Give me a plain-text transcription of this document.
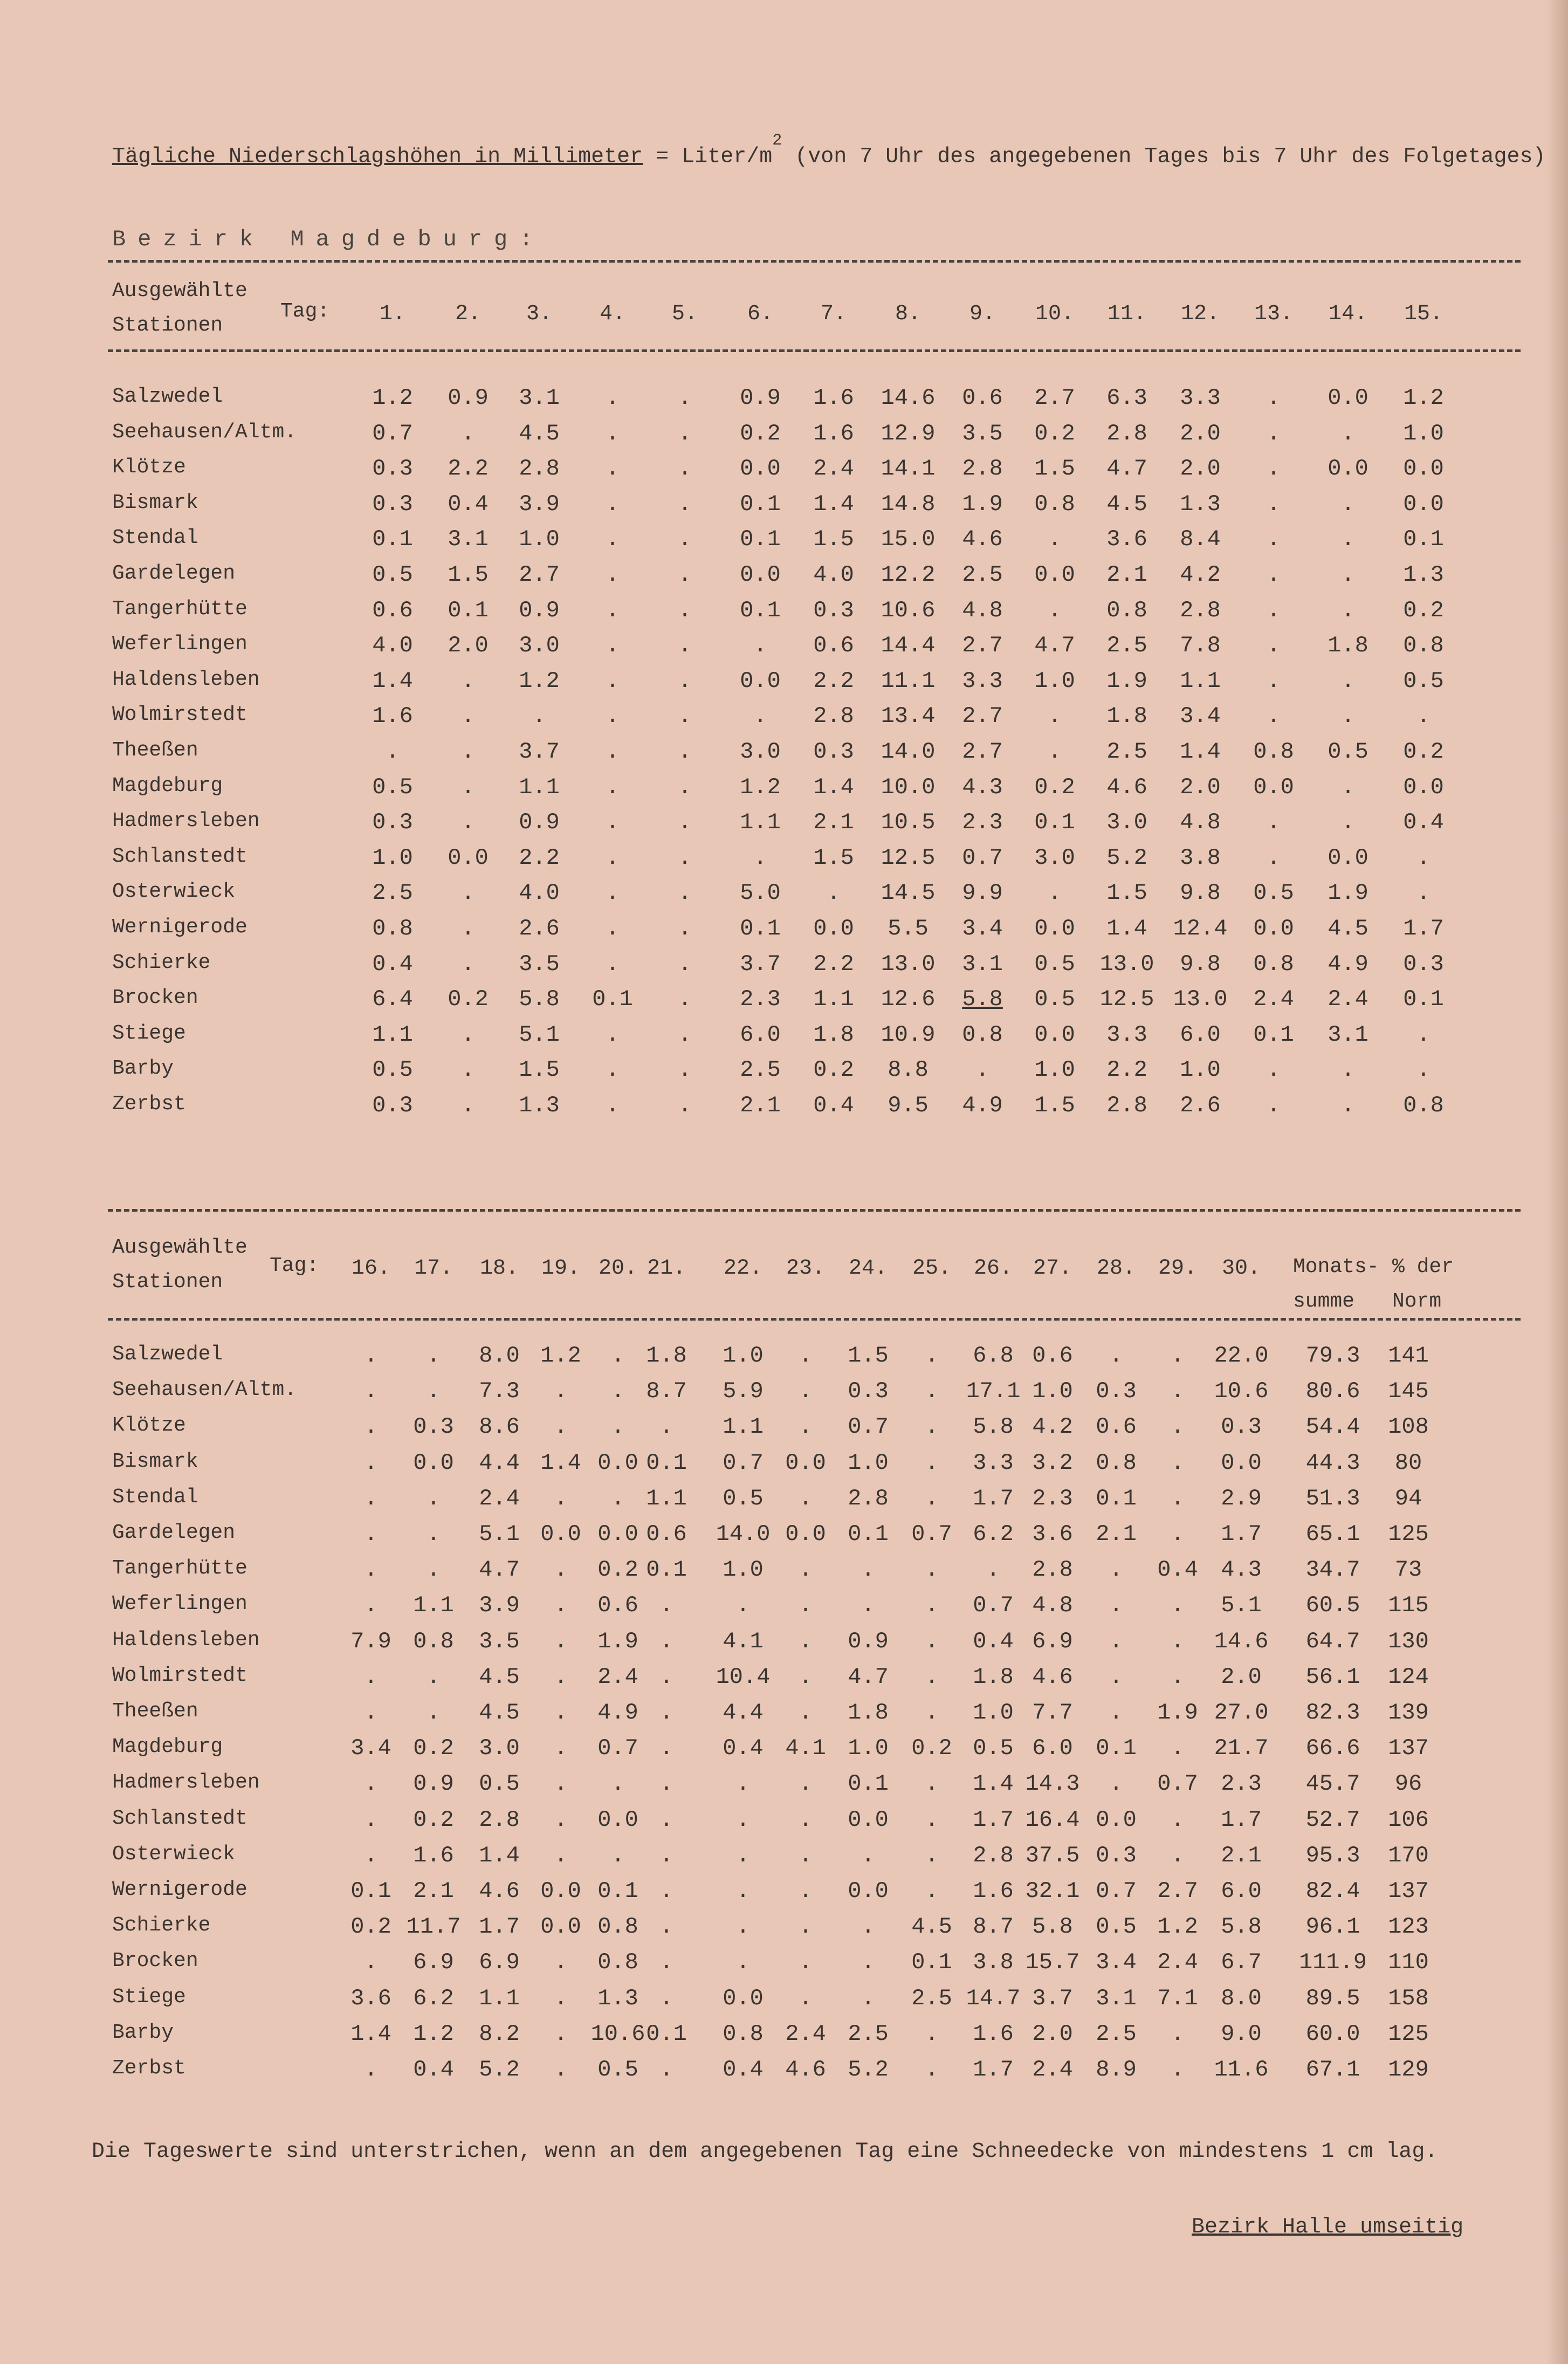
Tägliche Niederschlagshöhen in Millimeter = Liter/$m^2$ (von 7 Uhr des angegebenen Tages bis 7 Uhr des Folgetages)
Bezirk Magdeburg:
Ausgewählte
Stationen
Tag:	1.	2.	3.	4.	5.	6.	7.	8.	9.	10.	11.	12.	13.	14.	15.
Salzwedel	1.2	0.9	3.1	.	.	0.9	1.6	14.6	0.6	2.7	6.3	3.3	.	0.0	1.2
Seehausen/Altm.	0.7	.	4.5	.	.	0.2	1.6	12.9	3.5	0.2	2.8	2.0	.	.	1.0
Klötze	0.3	2.2	2.8	.	.	0.0	2.4	14.1	2.8	1.5	4.7	2.0	.	0.0	0.0
Bismark	0.3	0.4	3.9	.	.	0.1	1.4	14.8	1.9	0.8	4.5	1.3	.	.	0.0
Stendal	0.1	3.1	1.0	.	.	0.1	1.5	15.0	4.6	.	3.6	8.4	.	.	0.1
Gardelegen	0.5	1.5	2.7	.	.	0.0	4.0	12.2	2.5	0.0	2.1	4.2	.	.	1.3
Tangerhütte	0.6	0.1	0.9	.	.	0.1	0.3	10.6	4.8	.	0.8	2.8	.	.	0.2
Weferlingen	4.0	2.0	3.0	.	.	.	0.6	14.4	2.7	4.7	2.5	7.8	.	1.8	0.8
Haldensleben	1.4	.	1.2	.	.	0.0	2.2	11.1	3.3	1.0	1.9	1.1	.	.	0.5
Wolmirstedt	1.6	.	.	.	.	.	2.8	13.4	2.7	.	1.8	3.4	.	.	.
Theeßen	.	.	3.7	.	.	3.0	0.3	14.0	2.7	.	2.5	1.4	0.8	0.5	0.2
Magdeburg	0.5	.	1.1	.	.	1.2	1.4	10.0	4.3	0.2	4.6	2.0	0.0	.	0.0
Hadmersleben	0.3	.	0.9	.	.	1.1	2.1	10.5	2.3	0.1	3.0	4.8	.	.	0.4
Schlanstedt	1.0	0.0	2.2	.	.	.	1.5	12.5	0.7	3.0	5.2	3.8	.	0.0	.
Osterwieck	2.5	.	4.0	.	.	5.0	.	14.5	9.9	.	1.5	9.8	0.5	1.9	.
Wernigerode	0.8	.	2.6	.	.	0.1	0.0	5.5	3.4	0.0	1.4	12.4	0.0	4.5	1.7
Schierke	0.4	.	3.5	.	.	3.7	2.2	13.0	3.1	0.5	13.0	9.8	0.8	4.9	0.3
Brocken	6.4	0.2	5.8	0.1	.	2.3	1.1	12.6	5.8	0.5	12.5 13.0	2.4	2.4	0.1
Stiege	1.1	.	5.1	.	.	6.0	1.8	10.9	0.8	0.0	3.3	6.0	0.1	3.1	.
Barby	0.5	.	1.5	.	.	2.5	0.2	8.8	.	1.0	2.2	1.0	.	.	.
Zerbst	0.3	.	1.3	.	.	2.1	0.4	9.5	4.9	1.5	2.8	2.6	.	.	0.8
Ausgewählte
Stationen
Tag:	16.	17.	18.	19. 20. 21.	22.	23.	24.	25.	26. 27.	28.	29.	30.	Monats-
summe
% der
Norm
Salzwedel	.	.	8.0 1.2	. 1.8	1.0	.	1.5	.	6.8 0.6	.	.	22.0	79.3	141
Seehausen/Altm.	.	.	7.3	.	. 8.7	5.9	.	0.3	.	17.1 1.0	0.3	.	10.6	80.6	145
Klötze	.	0.3	8.6	.	.	.	1.1	.	0.7	.	5.8 4.2	0.6	.	0.3	54.4	108
Bismark	.	0.0	4.4 1.4 0.0 0.1	0.7 0.0 1.0	.	3.3 3.2	0.8	.	0.0	44.3	80
Stendal	.	.	2.4	.	. 1.1	0.5	.	2.8	.	1.7 2.3	0.1	.	2.9	51.3	94
Gardelegen	.	.	5.1 0.0 0.0 0.6	14.0 0.0 0.1	0.7 6.2 3.6	2.1	.	1.7	65.1	125
Tangerhütte	.	.	4.7	.	0.2 0.1	1.0	.	.	.	.	2.8	.	0.4	4.3	34.7	73
Weferlingen	.	1.1	3.9	.	0.6 .	.	.	.	.	0.7 4.8	.	.	5.1	60.5	115
Haldensleben	7.9 0.8	3.5	.	1.9 .	4.1	.	0.9	.	0.4 6.9	.	.	14.6	64.7	130
Wolmirstedt	.	.	4.5	.	2.4 .	10.4	.	4.7	.	1.8 4.6	.	.	2.0	56.1	124
Theeßen	.	.	4.5	.	4.9 .	4.4	.	1.8	.	1.0 7.7	.	1.9 27.0	82.3	139
Magdeburg	3.4 0.2	3.0	.	0.7 .	0.4 4.1 1.0	0.2 0.5 6.0	0.1	.	21.7	66.6	137
Hadmersleben	.	0.9	0.5	.	.	.	.	.	0.1	.	1.4 14.3	.	0.7	2.3	45.7	96
Schlanstedt	.	0.2	2.8	.	0.0 .	.	.	0.0	.	1.7 16.4 0.0	.	1.7	52.7	106
Osterwieck	.	1.6	1.4	.	.	.	.	.	.	.	2.8 37.5 0.3	.	2.1	95.3	170
Wernigerode	0.1 2.1	4.6 0.0 0.1 .	.	.	0.0	.	1.6 32.1 0.7 2.7	6.0	82.4	137
Schierke	0.2 11.7 1.7 0.0 0.8 .	.	.	.	4.5 8.7 5.8	0.5 1.2	5.8	96.1	123
Brocken	.	6.9	6.9	.	0.8 .	.	.	.	0.1 3.8 15.7 3.4 2.4	6.7	111.9 110
Stiege	3.6 6.2	1.1	.	1.3 .	0.0	.	.	2.5 14.7 3.7	3.1 7.1	8.0	89.5	158
Barby	1.4 1.2	8.2	.	10.6 0.1	0.8 2.4 2.5	.	1.6 2.0	2.5	.	9.0	60.0	125
Zerbst	.	0.4	5.2	.	0.5 .	0.4 4.6 5.2	.	1.7 2.4	8.9	.	11.6	67.1	129
Die Tageswerte sind unterstrichen, wenn an dem angegebenen Tag eine Schneedecke von mindestens 1 cm lag.
Bezirk Halle umseitig
